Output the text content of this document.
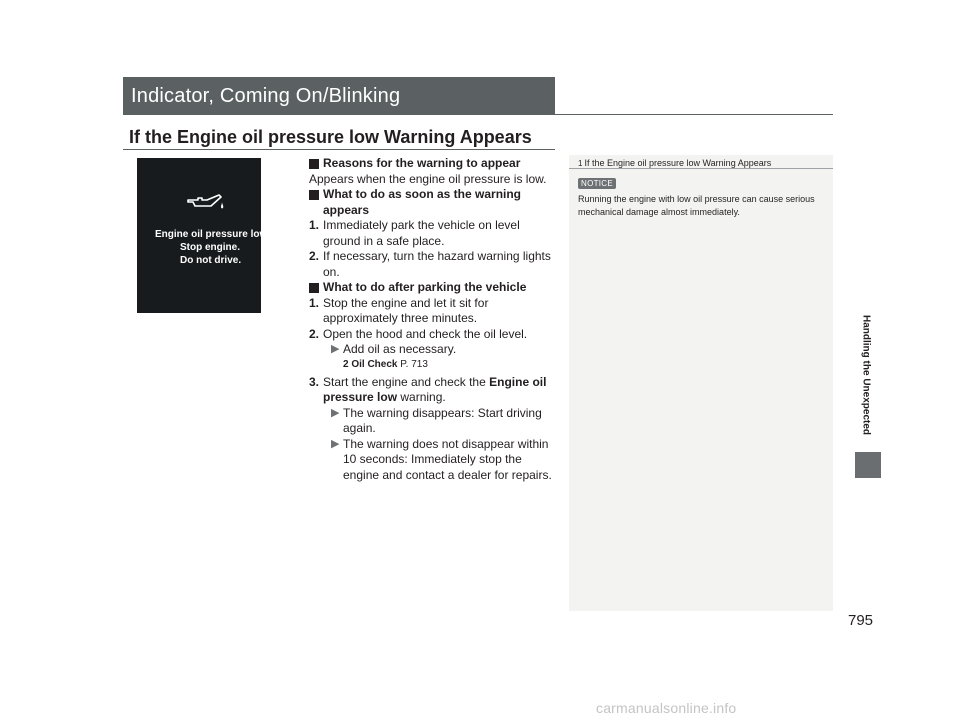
Indicator, Coming On/Blinking
If the Engine oil pressure low Warning Appears
Engine oil pressure low.
Stop engine.
Do not drive.
Reasons for the warning to appear
Appears when the engine oil pressure is low.
What to do as soon as the warning appears
1. Immediately park the vehicle on level ground in a safe place.
2. If necessary, turn the hazard warning lights on.
What to do after parking the vehicle
1. Stop the engine and let it sit for approximately three minutes.
2. Open the hood and check the oil level.
▶ Add oil as necessary.
2 Oil Check P. 713
3. Start the engine and check the Engine oil pressure low warning.
▶ The warning disappears: Start driving again.
▶ The warning does not disappear within 10 seconds: Immediately stop the engine and contact a dealer for repairs.
1 If the Engine oil pressure low Warning Appears
NOTICE
Running the engine with low oil pressure can cause serious mechanical damage almost immediately.
Handling the Unexpected
795
carmanualsonline.info
